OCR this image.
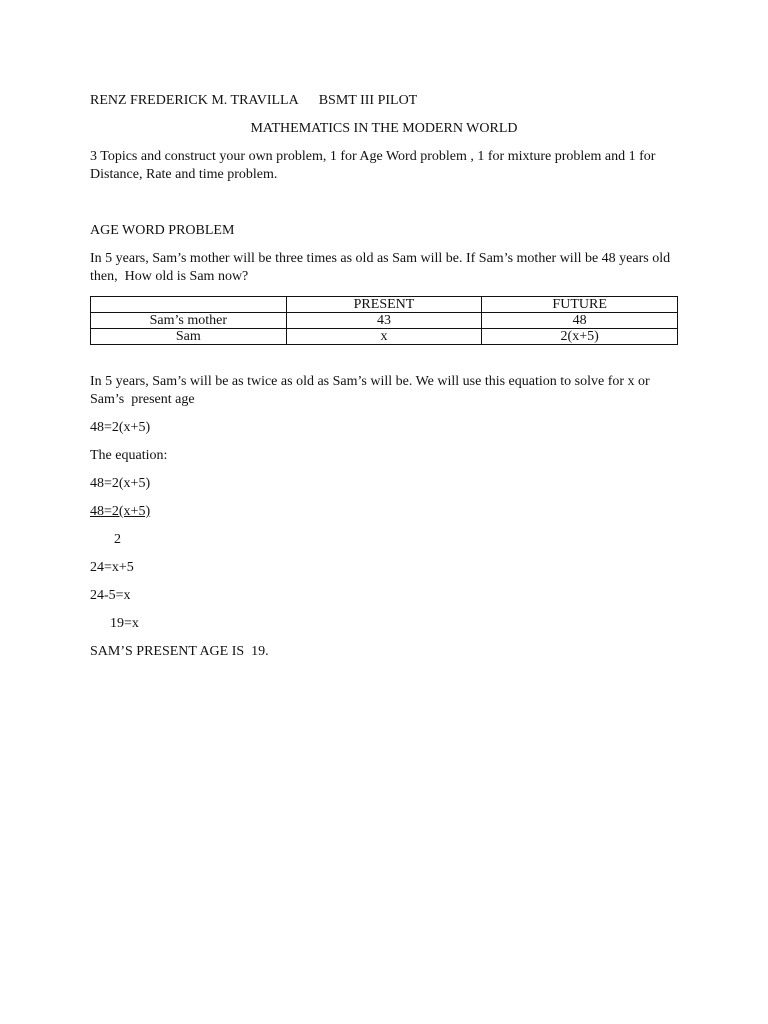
RENZ FREDERICK M. TRAVILLA BSMT III PILOT

MATHEMATICS IN THE MODERN WORLD

3 Topics and construct your own problem, 1 for Age Word problem , 1 for mixture problem and 1 for Distance, Rate and time problem.

AGE WORD PROBLEM

In 5 years, Sam’s mother will be three times as old as Sam will be. If Sam’s mother will be 48 years old then,  How old is Sam now?

	PRESENT	FUTURE
Sam’s mother	43	48
Sam	x	2(x+5)

In 5 years, Sam’s will be as twice as old as Sam’s will be. We will use this equation to solve for x or Sam’s  present age

48=2(x+5)

The equation:

48=2(x+5)

48=2(x+5)

2

24=x+5

24-5=x

19=x

SAM’S PRESENT AGE IS  19.
